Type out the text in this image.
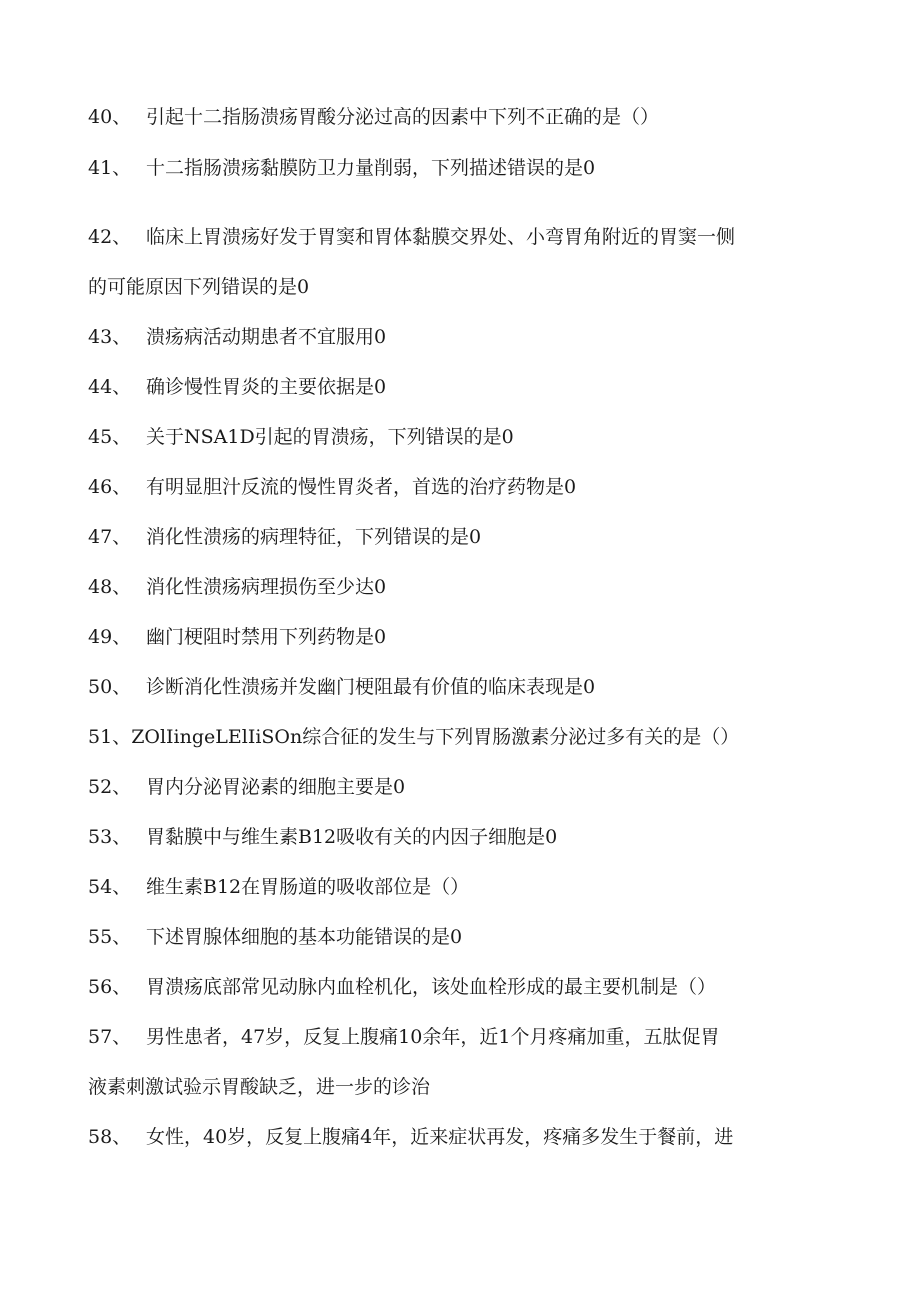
40、 引起十二指肠溃疡胃酸分泌过高的因素中下列不正确的是（）
41、 十二指肠溃疡黏膜防卫力量削弱，下列描述错误的是0
42、 临床上胃溃疡好发于胃窦和胃体黏膜交界处、小弯胃角附近的胃窦一侧
的可能原因下列错误的是0
43、 溃疡病活动期患者不宜服用0
44、 确诊慢性胃炎的主要依据是0
45、 关于NSA1D引起的胃溃疡，下列错误的是0
46、 有明显胆汁反流的慢性胃炎者，首选的治疗药物是0
47、 消化性溃疡的病理特征，下列错误的是0
48、 消化性溃疡病理损伤至少达0
49、 幽门梗阻时禁用下列药物是0
50、 诊断消化性溃疡并发幽门梗阻最有价值的临床表现是0
51、ZOlIingeLElIiSOn综合征的发生与下列胃肠激素分泌过多有关的是（）
52、 胃内分泌胃泌素的细胞主要是0
53、 胃黏膜中与维生素B12吸收有关的内因子细胞是0
54、 维生素B12在胃肠道的吸收部位是（）
55、 下述胃腺体细胞的基本功能错误的是0
56、 胃溃疡底部常见动脉内血栓机化，该处血栓形成的最主要机制是（）
57、 男性患者，47岁，反复上腹痛10余年，近1个月疼痛加重，五肽促胃
液素刺激试验示胃酸缺乏，进一步的诊治
58、 女性，40岁，反复上腹痛4年，近来症状再发，疼痛多发生于餐前，进
